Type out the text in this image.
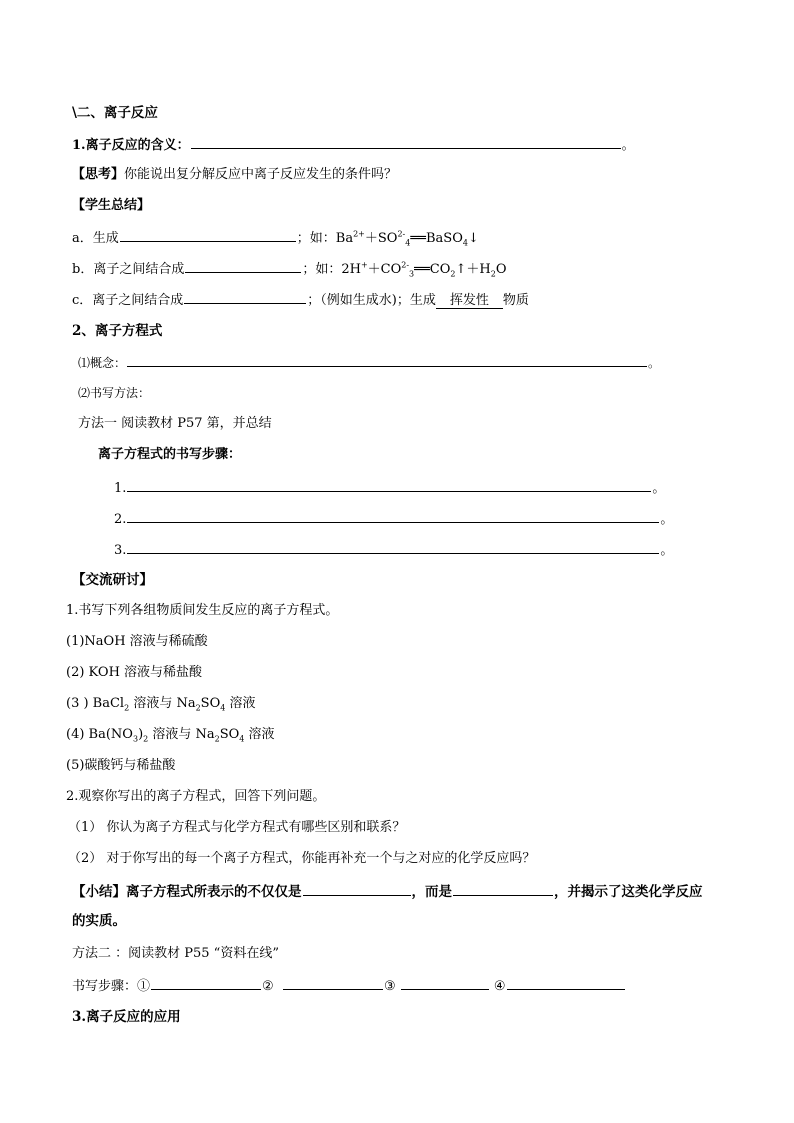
\二、离子反应
1.离子反应的含义：	。
【思考】你能说出复分解反应中离子反应发生的条件吗？
【学生总结】
a．生成	；如：$Ba^{2+}+SO^{2-}_4══BaSO_4↓$
b．离子之间结合成	；如：$2H^++CO^{2-}_3══CO_2↑+H_2O$
c．离子之间结合成	；（例如生成水)；生成 挥发性 物质
2、离子方程式
⑴概念：	。
⑵书写方法：
方法一 阅读教材 P57 第，并总结
离子方程式的书写步骤：
1.	。
2.	。
3.	。
【交流研讨】
1.书写下列各组物质间发生反应的离子方程式。
(1)NaOH 溶液与稀硫酸
(2) KOH 溶液与稀盐酸
(3 ) BaCl$_2$ 溶液与 $Na_2SO_4$ 溶液
(4) $Ba(NO_3)_2$ 溶液与 $Na_2SO_4$ 溶液
(5)碳酸钙与稀盐酸
2.观察你写出的离子方程式，回答下列问题。
（1） 你认为离子方程式与化学方程式有哪些区别和联系？
（2） 对于你写出的每一个离子方程式，你能再补充一个与之对应的化学反应吗？
【小结】离子方程式所表示的不仅仅是	，而是	，并揭示了这类化学反应
的实质。
方法二 ：阅读教材 P55 “资料在线”
书写步骤：①	②	③	④
3.离子反应的应用
